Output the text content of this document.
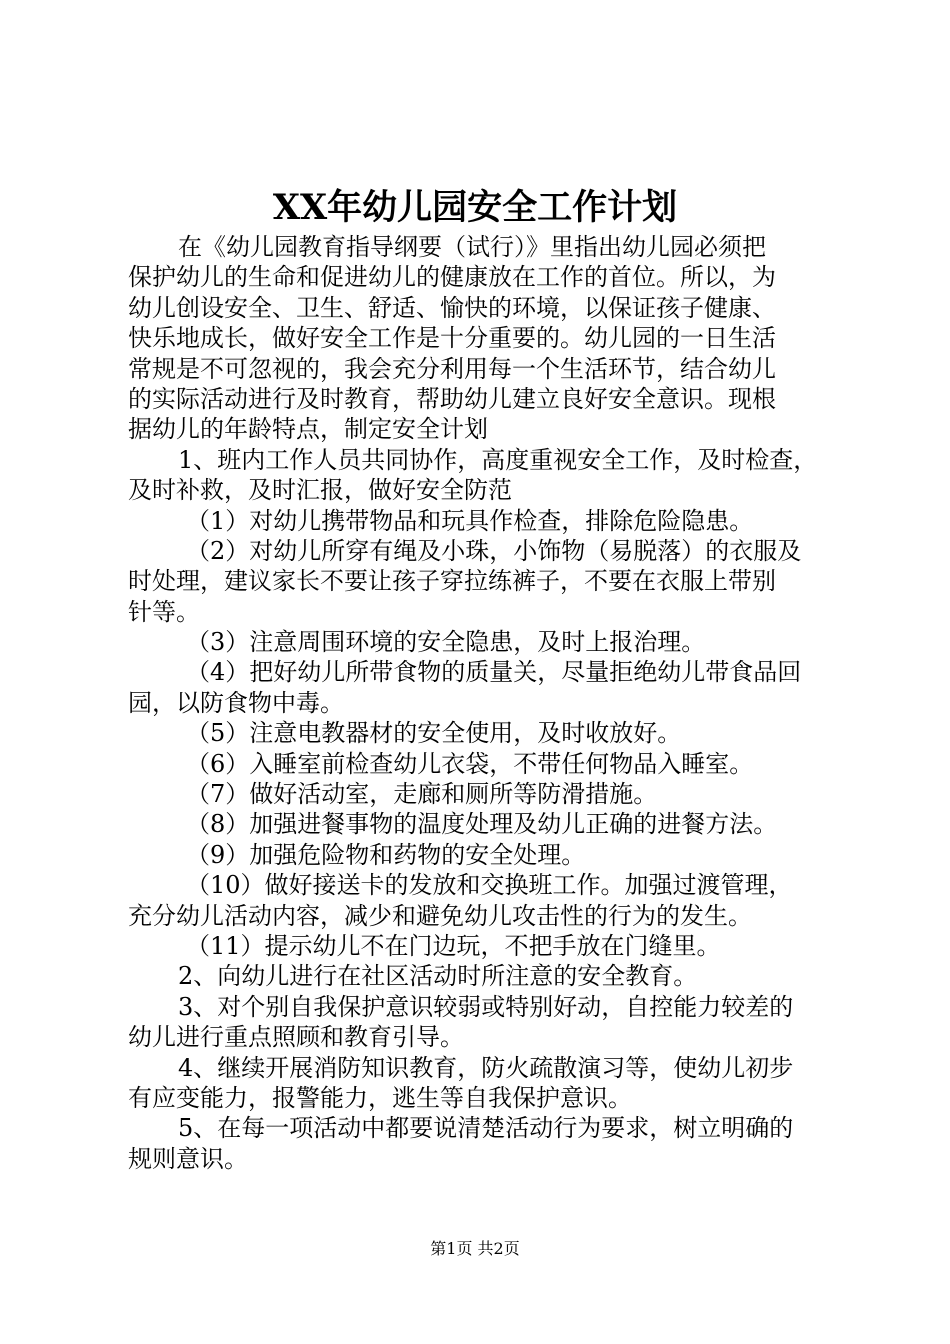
XX年幼儿园安全工作计划
在《幼儿园教育指导纲要（试行）》里指出幼儿园必须把
保护幼儿的生命和促进幼儿的健康放在工作的首位。所以，为
幼儿创设安全、卫生、舒适、愉快的环境，以保证孩子健康、
快乐地成长，做好安全工作是十分重要的。幼儿园的一日生活
常规是不可忽视的，我会充分利用每一个生活环节，结合幼儿
的实际活动进行及时教育，帮助幼儿建立良好安全意识。现根
据幼儿的年龄特点，制定安全计划
1、班内工作人员共同协作，高度重视安全工作，及时检查，
及时补救，及时汇报，做好安全防范
（1）对幼儿携带物品和玩具作检查，排除危险隐患。
（2）对幼儿所穿有绳及小珠，小饰物（易脱落）的衣服及
时处理，建议家长不要让孩子穿拉练裤子，不要在衣服上带别
针等。
（3）注意周围环境的安全隐患，及时上报治理。
（4）把好幼儿所带食物的质量关，尽量拒绝幼儿带食品回
园，以防食物中毒。
（5）注意电教器材的安全使用，及时收放好。
（6）入睡室前检查幼儿衣袋，不带任何物品入睡室。
（7）做好活动室，走廊和厕所等防滑措施。
（8）加强进餐事物的温度处理及幼儿正确的进餐方法。
（9）加强危险物和药物的安全处理。
（10）做好接送卡的发放和交换班工作。加强过渡管理，
充分幼儿活动内容，减少和避免幼儿攻击性的行为的发生。
（11）提示幼儿不在门边玩，不把手放在门缝里。
2、向幼儿进行在社区活动时所注意的安全教育。
3、对个别自我保护意识较弱或特别好动，自控能力较差的
幼儿进行重点照顾和教育引导。
4、继续开展消防知识教育，防火疏散演习等，使幼儿初步
有应变能力，报警能力，逃生等自我保护意识。
5、在每一项活动中都要说清楚活动行为要求，树立明确的
规则意识。
第1页 共2页
